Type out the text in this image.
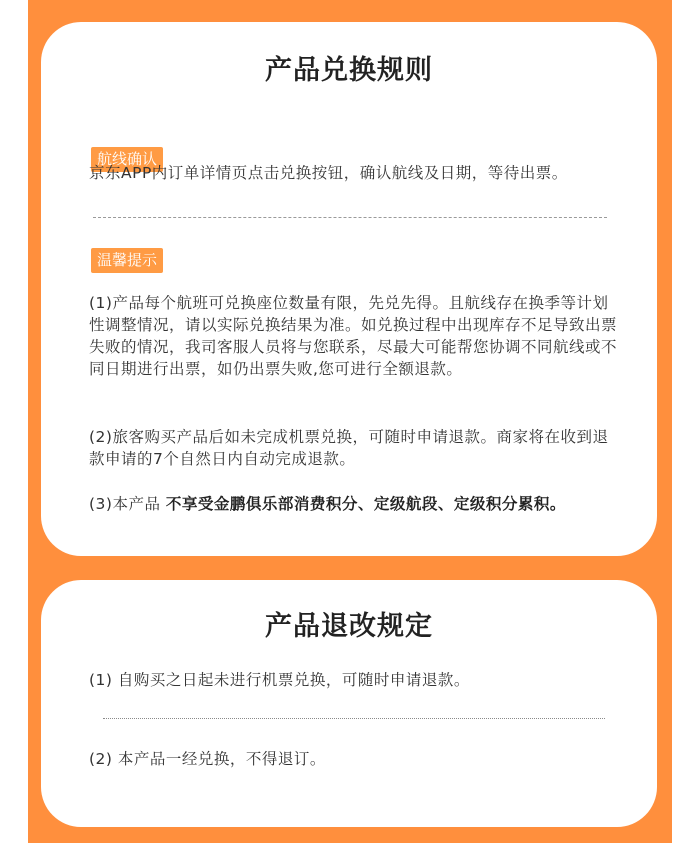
产品兑换规则
航线确认

京东APP内订单详情页点击兑换按钮，确认航线及日期，等待出票。

温馨提示

(1)产品每个航班可兑换座位数量有限，先兑先得。且航线存在换季等计划性调整情况，请以实际兑换结果为准。如兑换过程中出现库存不足导致出票失败的情况，我司客服人员将与您联系，尽最大可能帮您协调不同航线或不同日期进行出票，如仍出票失败,您可进行全额退款。

(2)旅客购买产品后如未完成机票兑换，可随时申请退款。商家将在收到退款申请的7个自然日内自动完成退款。

(3)本产品 不享受金鹏俱乐部消费积分、定级航段、定级积分累积。

产品退改规定

(1) 自购买之日起未进行机票兑换，可随时申请退款。

(2) 本产品一经兑换，不得退订。
